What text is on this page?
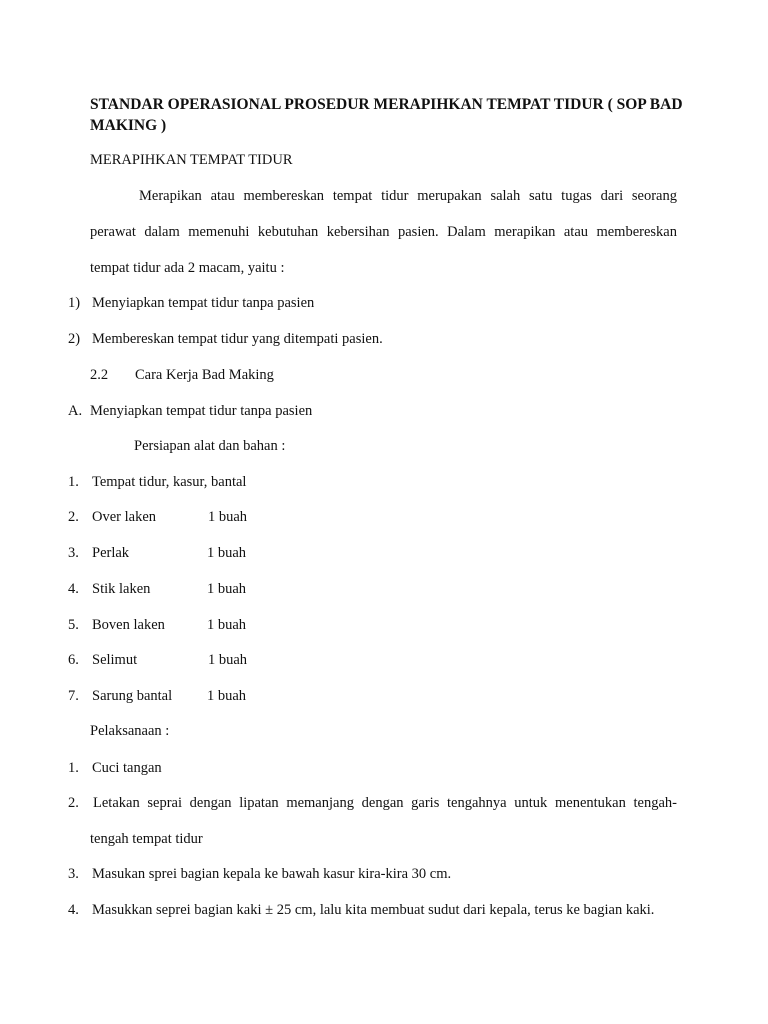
STANDAR OPERASIONAL PROSEDUR MERAPIHKAN TEMPAT TIDUR ( SOP BAD MAKING )
MERAPIHKAN TEMPAT TIDUR
Merapikan atau membereskan tempat tidur merupakan salah satu tugas dari seorang
perawat dalam memenuhi kebutuhan kebersihan pasien. Dalam merapikan atau membereskan
tempat tidur ada 2 macam, yaitu :
1) Menyiapkan tempat tidur tanpa pasien
2) Membereskan tempat tidur yang ditempati pasien.
2.2 Cara Kerja Bad Making
A. Menyiapkan tempat tidur tanpa pasien
Persiapan alat dan bahan :
1. Tempat tidur, kasur, bantal
2. Over laken	1 buah
3. Perlak	1 buah
4. Stik laken	1 buah
5. Boven laken	1 buah
6. Selimut	1 buah
7. Sarung bantal 1 buah
Pelaksanaan :
1. Cuci tangan
2. Letakan seprai dengan lipatan memanjang dengan garis tengahnya untuk menentukan tengah-
tengah tempat tidur
3. Masukan sprei bagian kepala ke bawah kasur kira-kira 30 cm.
4. Masukkan seprei bagian kaki ± 25 cm, lalu kita membuat sudut dari kepala, terus ke bagian kaki.
